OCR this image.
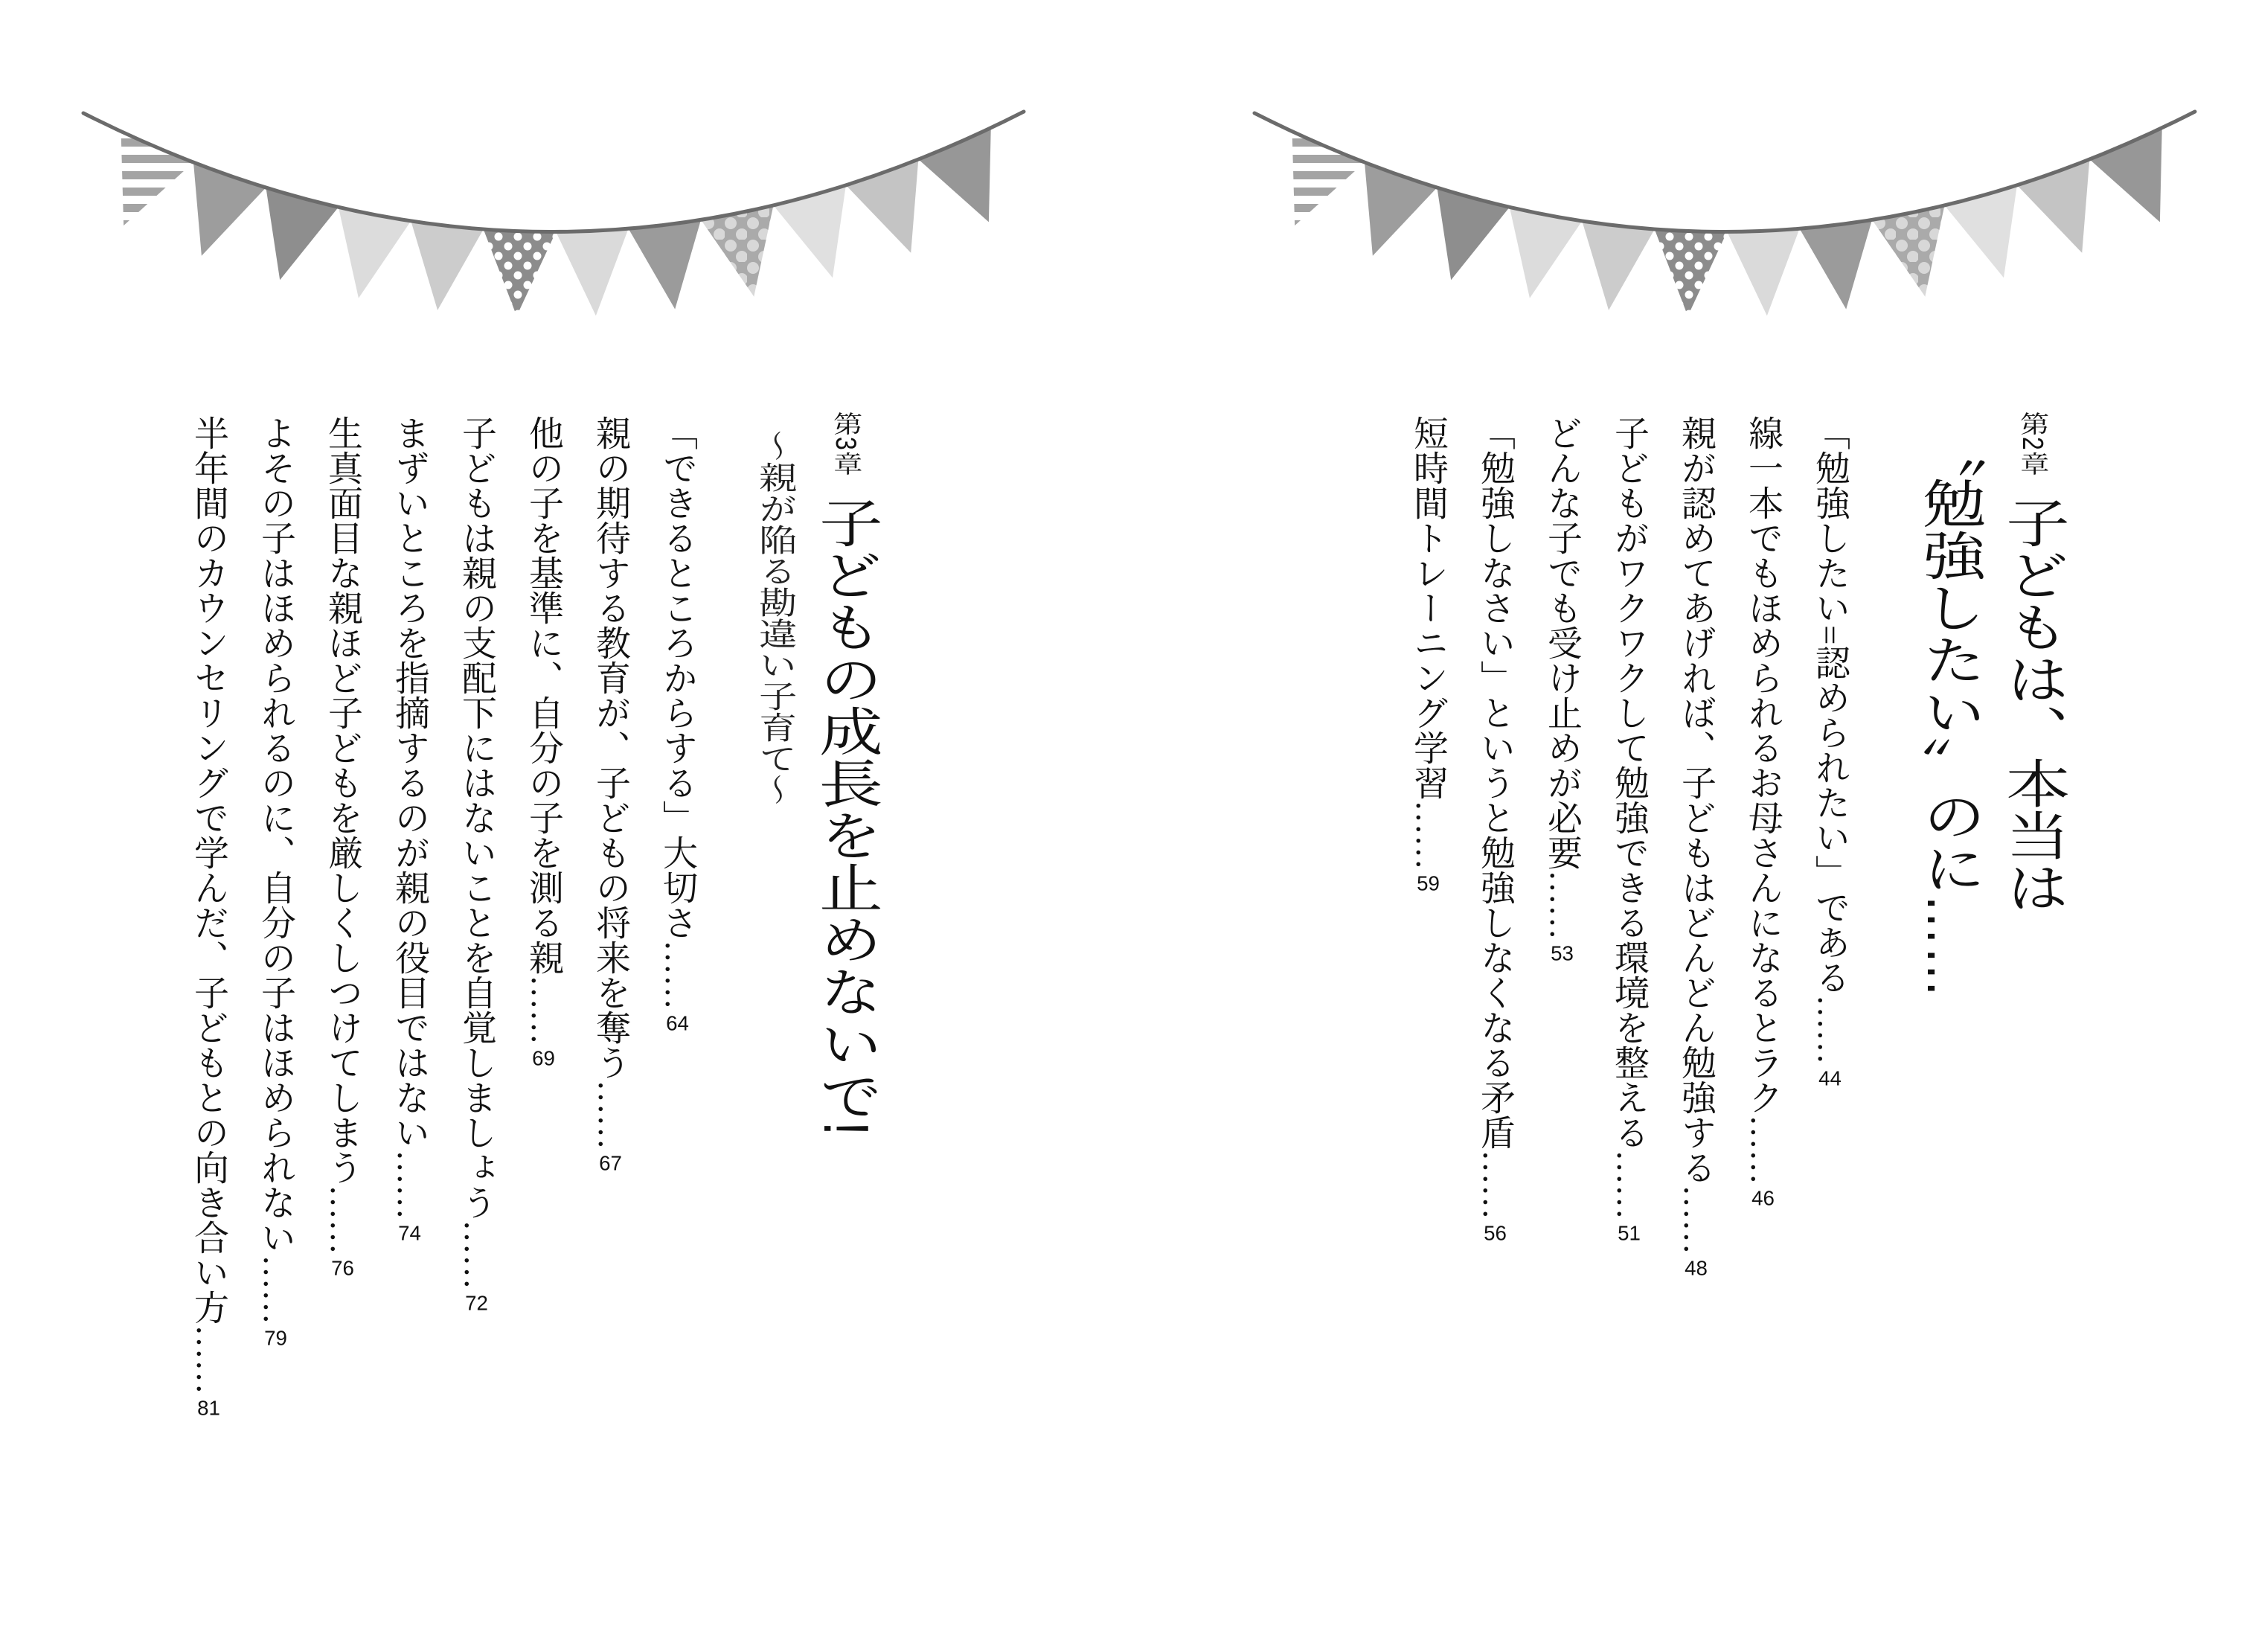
第3章子どもの成長を止めないで!
〜親が陥る勘違い子育て〜
「できるところからする」大切さ……64
親の期待する教育が、子どもの将来を奪う……67
他の子を基準に、自分の子を測る親……69
子どもは親の支配下にはないことを自覚しましょう……72
まずいところを指摘するのが親の役目ではない……74
生真面目な親ほど子どもを厳しくしつけてしまう……76
よその子はほめられるのに、自分の子はほめられない……79
半年間のカウンセリングで学んだ、子どもとの向き合い方……81
第2章子どもは、本当は
〝勉強したい〟のに……
「勉強したい=認められたい」である……44
線一本でもほめられるお母さんになるとラク……46
親が認めてあげれば、子どもはどんどん勉強する……48
子どもがワクワクして勉強できる環境を整える……51
どんな子でも受け止めが必要……53
「勉強しなさい」というと勉強しなくなる矛盾……56
短時間トレーニング学習……59
